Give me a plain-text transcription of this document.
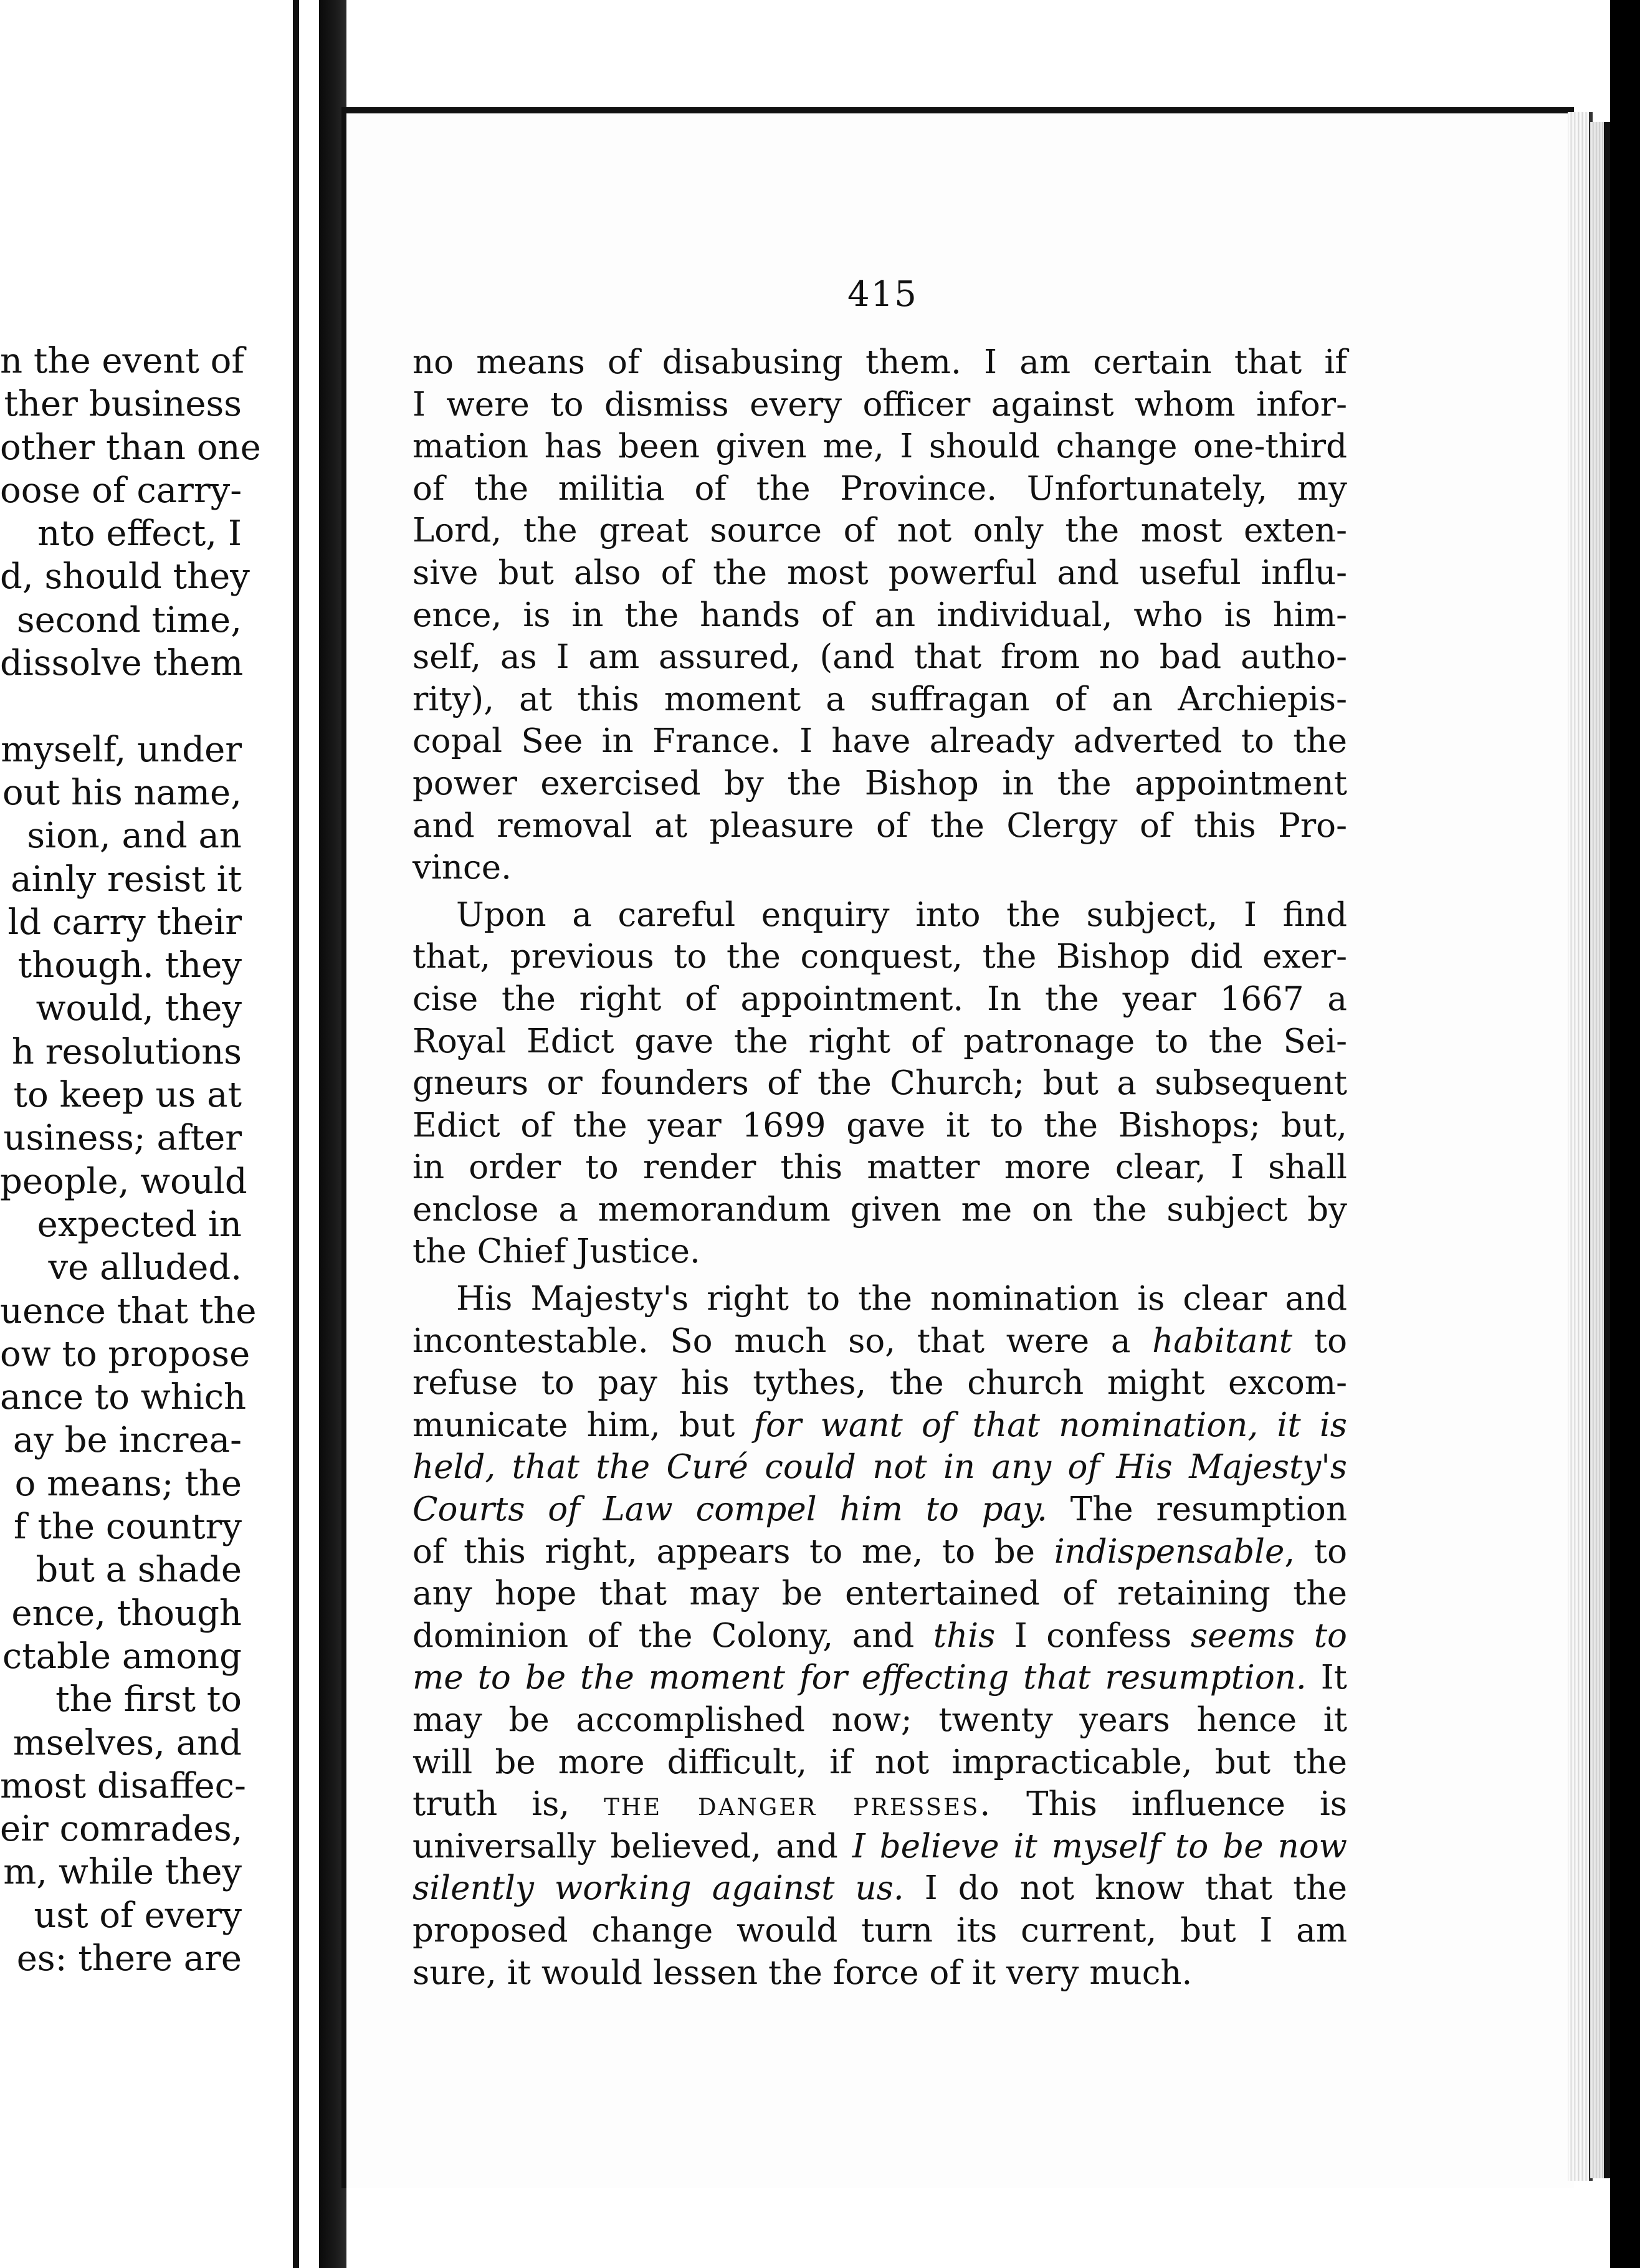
n the event of
ther business
other than one
oose of carry-
nto effect, I
d, should they
second time,
dissolve them

myself, under
out his name,
sion, and an
ainly resist it
ld carry their
though. they
would, they
h resolutions
to keep us at
usiness; after
people, would
expected in
ve alluded.
uence that the
ow to propose
ance to which
ay be increa-
o means; the
f the country
but a shade
ence, though
ctable among
the first to
mselves, and
most disaffec-
eir comrades,
m, while they
ust of every
es: there are
415
no means of disabusing them. I am certain that if
I were to dismiss every officer against whom infor-
mation has been given me, I should change one-third
of the militia of the Province. Unfortunately, my
Lord, the great source of not only the most exten-
sive but also of the most powerful and useful influ-
ence, is in the hands of an individual, who is him-
self, as I am assured, (and that from no bad autho-
rity), at this moment a suffragan of an Archiepis-
copal See in France. I have already adverted to the
power exercised by the Bishop in the appointment
and removal at pleasure of the Clergy of this Pro-
vince.
Upon a careful enquiry into the subject, I find
that, previous to the conquest, the Bishop did exer-
cise the right of appointment. In the year 1667 a
Royal Edict gave the right of patronage to the Sei-
gneurs or founders of the Church; but a subsequent
Edict of the year 1699 gave it to the Bishops; but,
in order to render this matter more clear, I shall
enclose a memorandum given me on the subject by
the Chief Justice.
His Majesty's right to the nomination is clear and
incontestable. So much so, that were a habitant to
refuse to pay his tythes, the church might excom-
municate him, but for want of that nomination, it is
held, that the Curé could not in any of His Majesty's
Courts of Law compel him to pay. The resumption
of this right, appears to me, to be indispensable, to
any hope that may be entertained of retaining the
dominion of the Colony, and this I confess seems to
me to be the moment for effecting that resumption. It
may be accomplished now; twenty years hence it
will be more difficult, if not impracticable, but the
truth is, the danger presses. This influence is
universally believed, and I believe it myself to be now
silently working against us. I do not know that the
proposed change would turn its current, but I am
sure, it would lessen the force of it very much.
